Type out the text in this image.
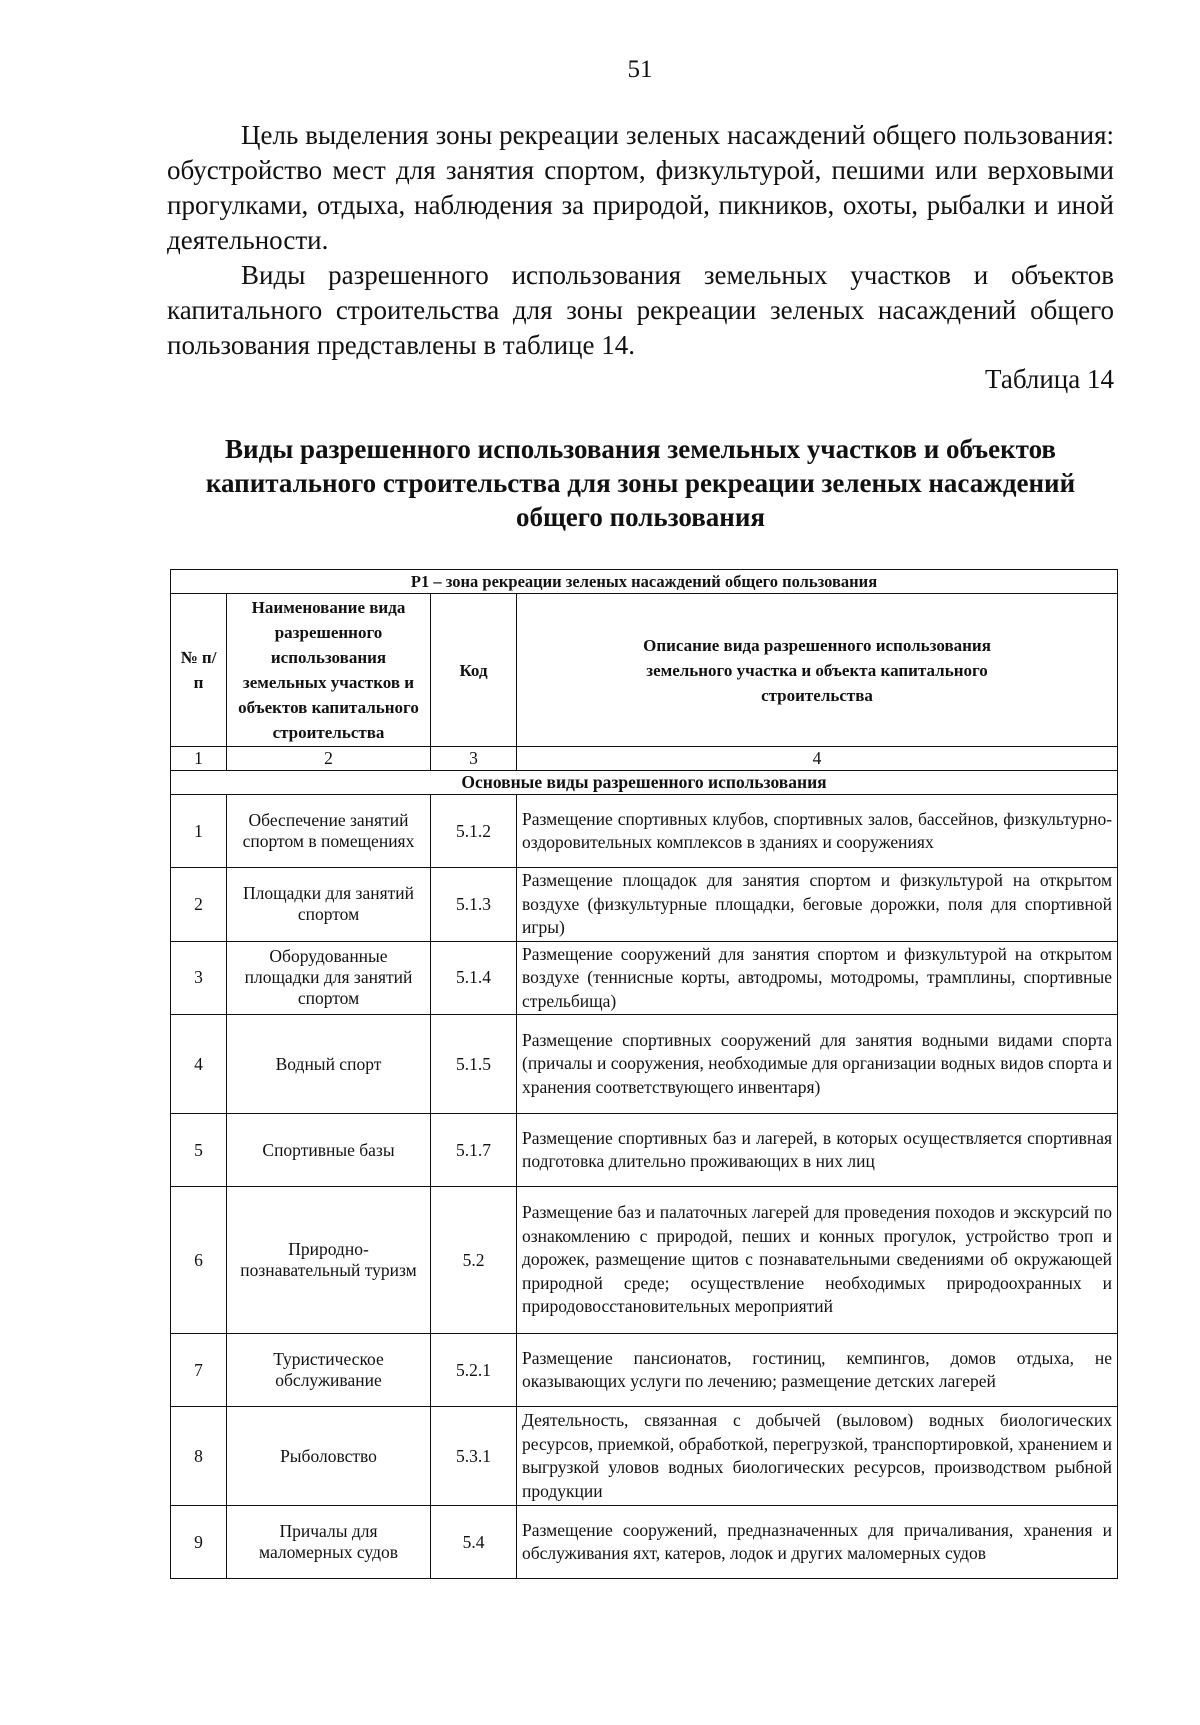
51

Цель выделения зоны рекреации зеленых насаждений общего пользования: обустройство мест для занятия спортом, физкультурой, пешими или верховыми прогулками, отдыха, наблюдения за природой, пикников, охоты, рыбалки и иной деятельности.

Виды разрешенного использования земельных участков и объектов капитального строительства для зоны рекреации зеленых насаждений общего пользования представлены в таблице 14.

Таблица 14
Виды разрешенного использования земельных участков и объектов капитального строительства для зоны рекреации зеленых насаждений общего пользования
Р1 – зона рекреации зеленых насаждений общего пользования			
№ п/п	Наименование вида разрешенного использования земельных участков и объектов капитального строительства	Код	Описание вида разрешенного использования земельного участка и объекта капитального строительства
1	2	3	4
Основные виды разрешенного использования			
1	Обеспечение занятий спортом в помещениях	5.1.2	Размещение спортивных клубов, спортивных залов, бассейнов, физкультурно-оздоровительных комплексов в зданиях и сооружениях
2	Площадки для занятий спортом	5.1.3	Размещение площадок для занятия спортом и физкультурой на открытом воздухе (физкультурные площадки, беговые дорожки, поля для спортивной игры)
3	Оборудованные площадки для занятий спортом	5.1.4	Размещение сооружений для занятия спортом и физкультурой на открытом воздухе (теннисные корты, автодромы, мотодромы, трамплины, спортивные стрельбища)
4	Водный спорт	5.1.5	Размещение спортивных сооружений для занятия водными видами спорта (причалы и сооружения, необходимые для организации водных видов спорта и хранения соответствующего инвентаря)
5	Спортивные базы	5.1.7	Размещение спортивных баз и лагерей, в которых осуществляется спортивная подготовка длительно проживающих в них лиц
6	Природно-познавательный туризм	5.2	Размещение баз и палаточных лагерей для проведения походов и экскурсий по ознакомлению с природой, пеших и конных прогулок, устройство троп и дорожек, размещение щитов с познавательными сведениями об окружающей природной среде; осуществление необходимых природоохранных и природовосстановительных мероприятий
7	Туристическое обслуживание	5.2.1	Размещение пансионатов, гостиниц, кемпингов, домов отдыха, не оказывающих услуги по лечению; размещение детских лагерей
8	Рыболовство	5.3.1	Деятельность, связанная с добычей (выловом) водных биологических ресурсов, приемкой, обработкой, перегрузкой, транспортировкой, хранением и выгрузкой уловов водных биологических ресурсов, производством рыбной продукции
9	Причалы для маломерных судов	5.4	Размещение сооружений, предназначенных для причаливания, хранения и обслуживания яхт, катеров, лодок и других маломерных судов
